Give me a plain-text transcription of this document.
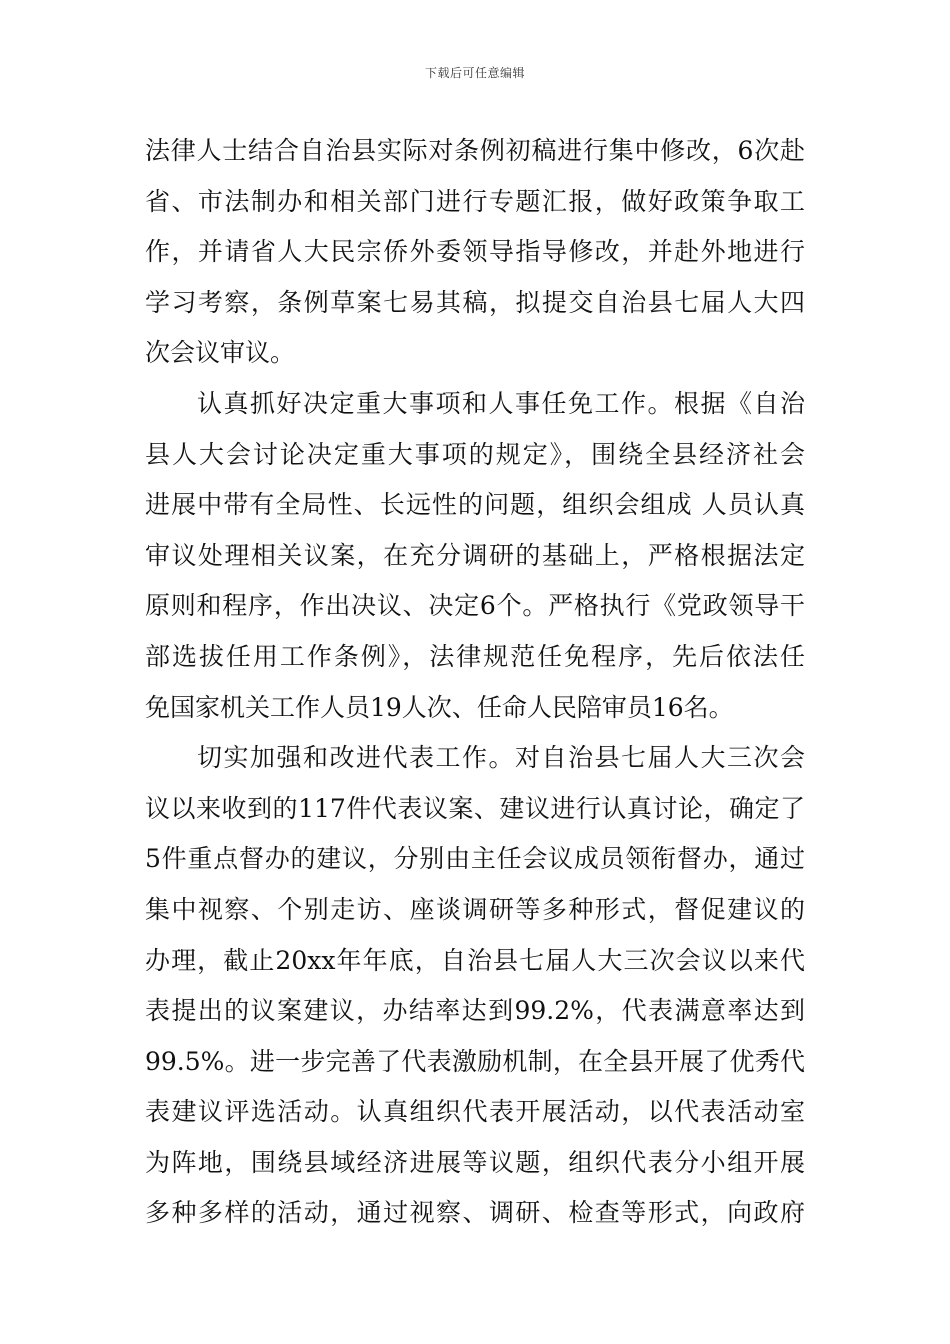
下载后可任意编辑
法律人士结合自治县实际对条例初稿进行集中修改，6次赴
省、市法制办和相关部门进行专题汇报，做好政策争取工
作，并请省人大民宗侨外委领导指导修改，并赴外地进行
学习考察，条例草案七易其稿，拟提交自治县七届人大四
次会议审议。
认真抓好决定重大事项和人事任免工作。根据《自治
县人大会讨论决定重大事项的规定》，围绕全县经济社会
进展中带有全局性、长远性的问题，组织会组成 人员认真
审议处理相关议案，在充分调研的基础上，严格根据法定
原则和程序，作出决议、决定6个。严格执行《党政领导干
部选拔任用工作条例》，法律规范任免程序，先后依法任
免国家机关工作人员19人次、任命人民陪审员16名。
切实加强和改进代表工作。对自治县七届人大三次会
议以来收到的117件代表议案、建议进行认真讨论，确定了
5件重点督办的建议，分别由主任会议成员领衔督办，通过
集中视察、个别走访、座谈调研等多种形式，督促建议的
办理，截止20xx年年底，自治县七届人大三次会议以来代
表提出的议案建议，办结率达到99.2%，代表满意率达到
99.5%。进一步完善了代表激励机制，在全县开展了优秀代
表建议评选活动。认真组织代表开展活动，以代表活动室
为阵地，围绕县域经济进展等议题，组织代表分小组开展
多种多样的活动，通过视察、调研、检查等形式，向政府
